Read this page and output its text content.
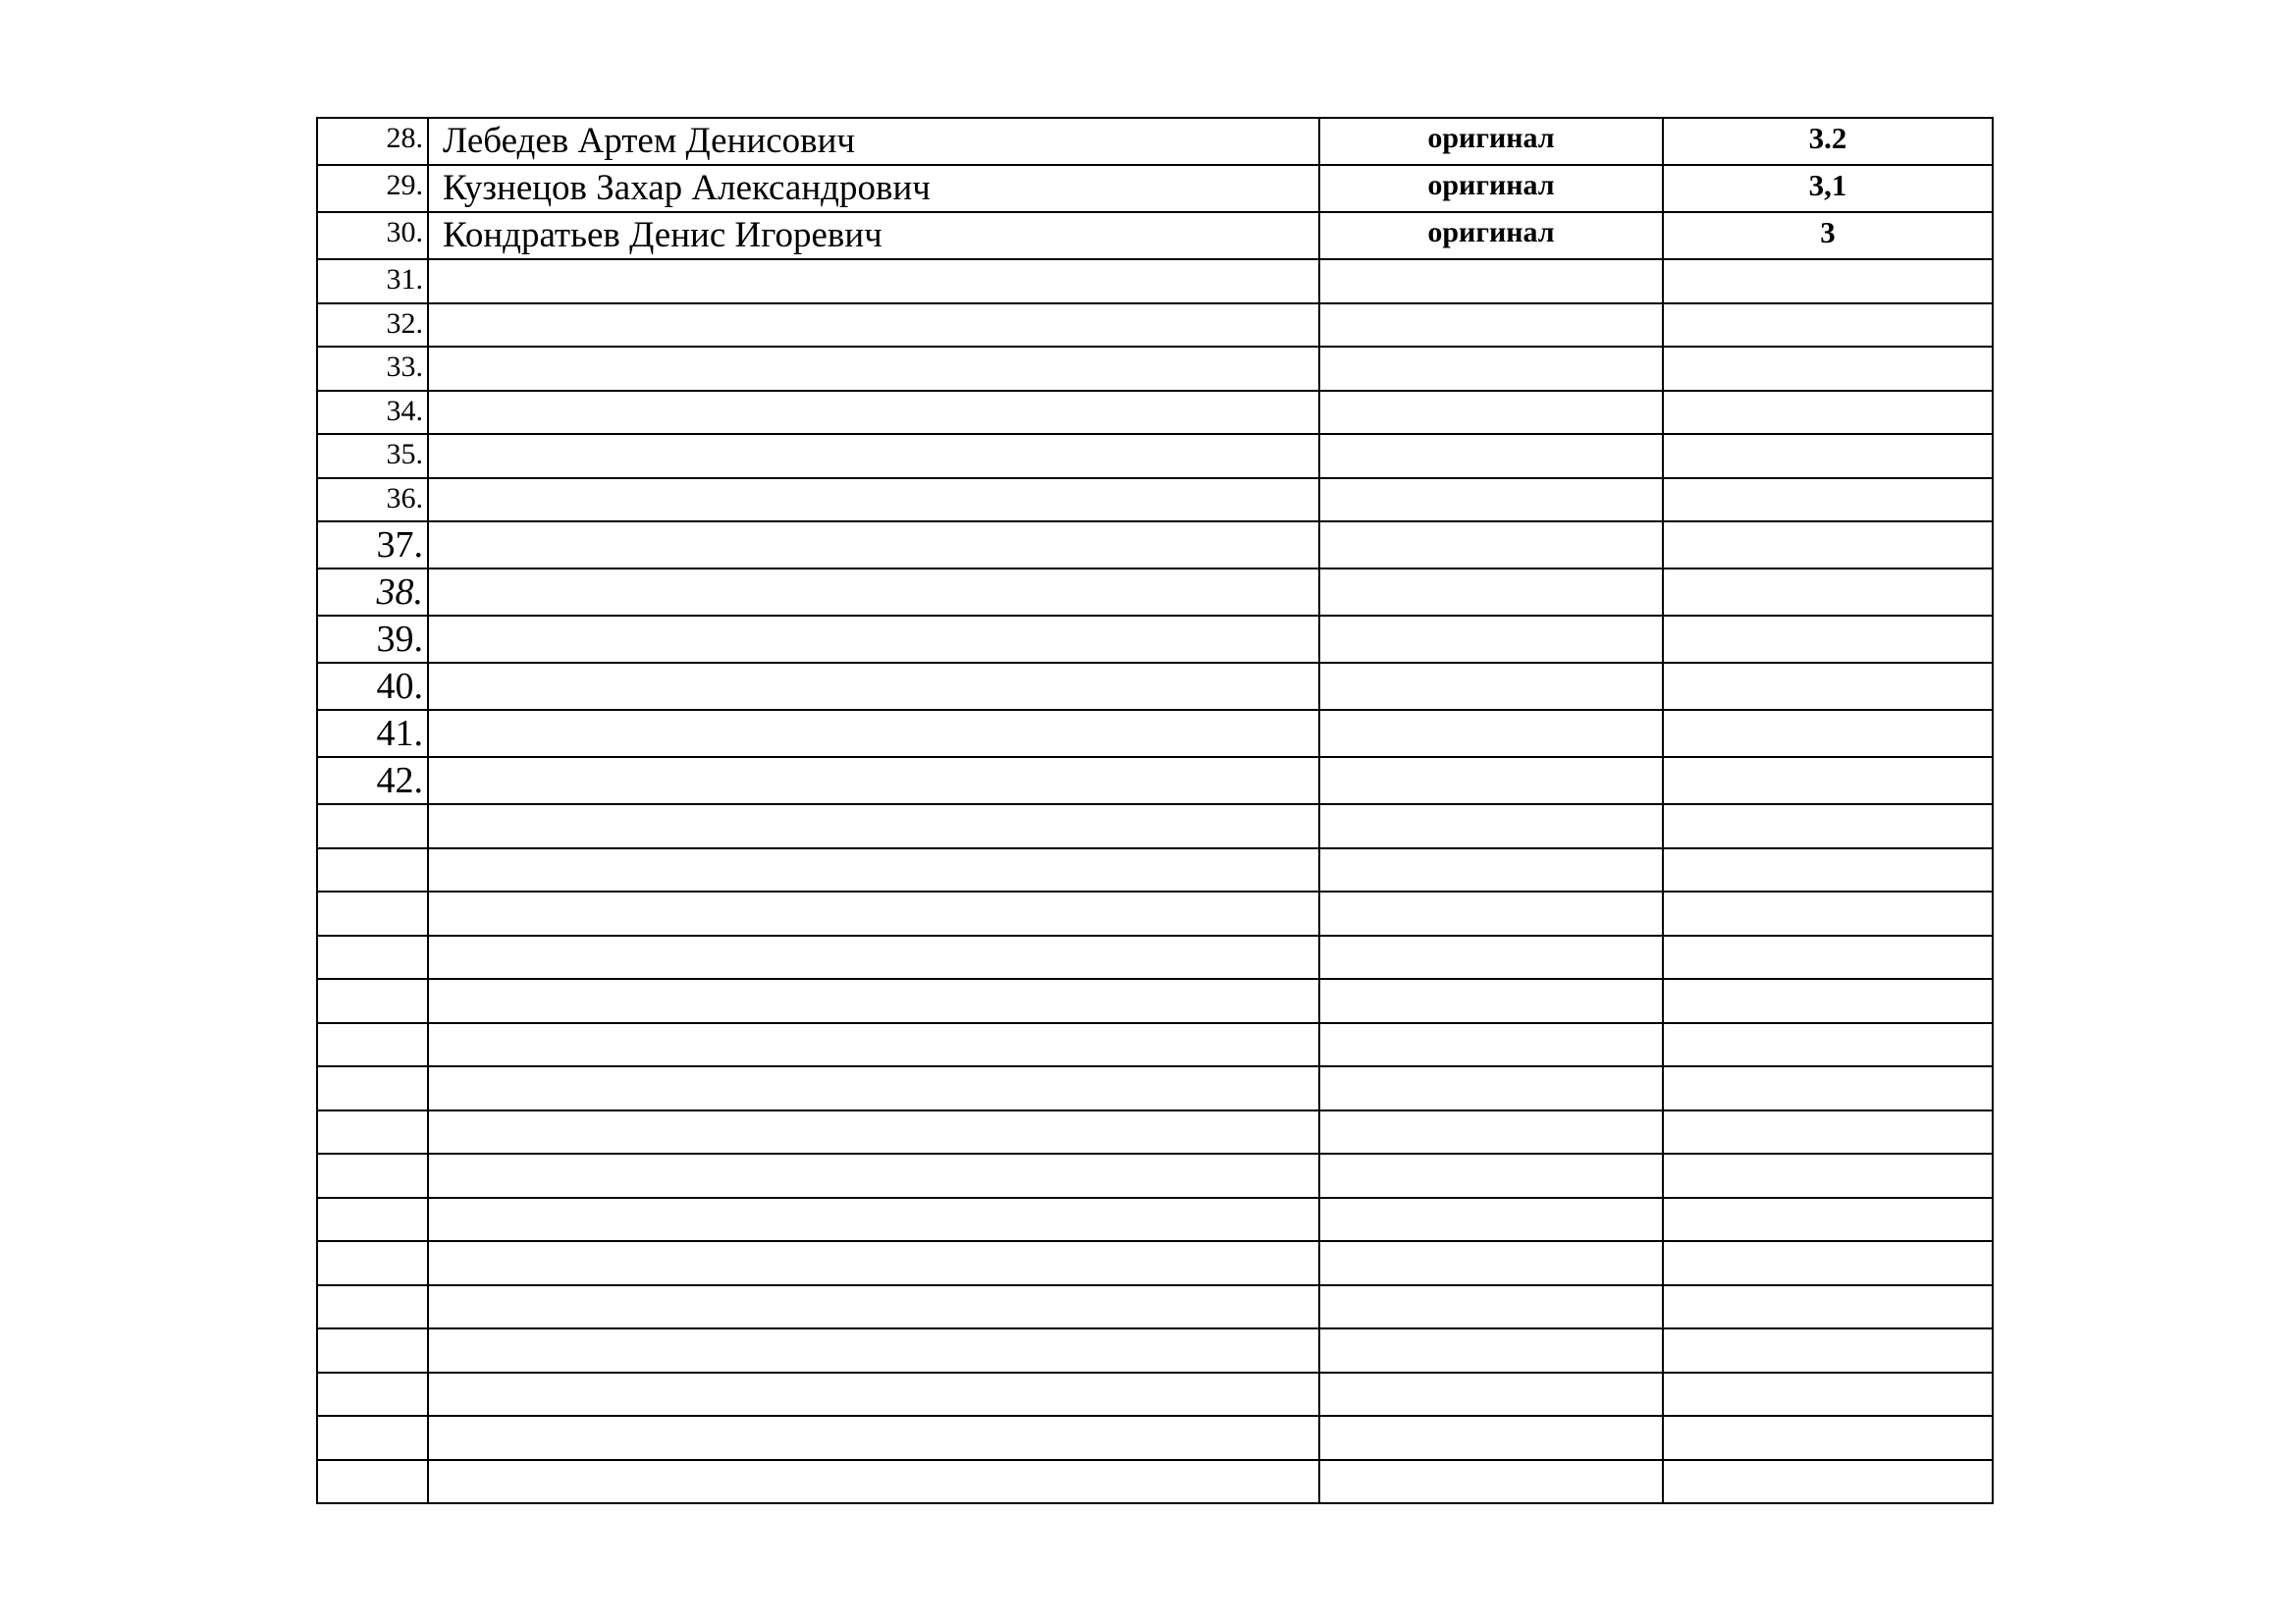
28.	Лебедев Артем Денисович	оригинал	3.2
29.	Кузнецов Захар Александрович	оригинал	3,1
30.	Кондратьев Денис Игоревич	оригинал	3
31.			
32.			
33.			
34.			
35.			
36.			
37.			
38.			
39.			
40.			
41.			
42.			
